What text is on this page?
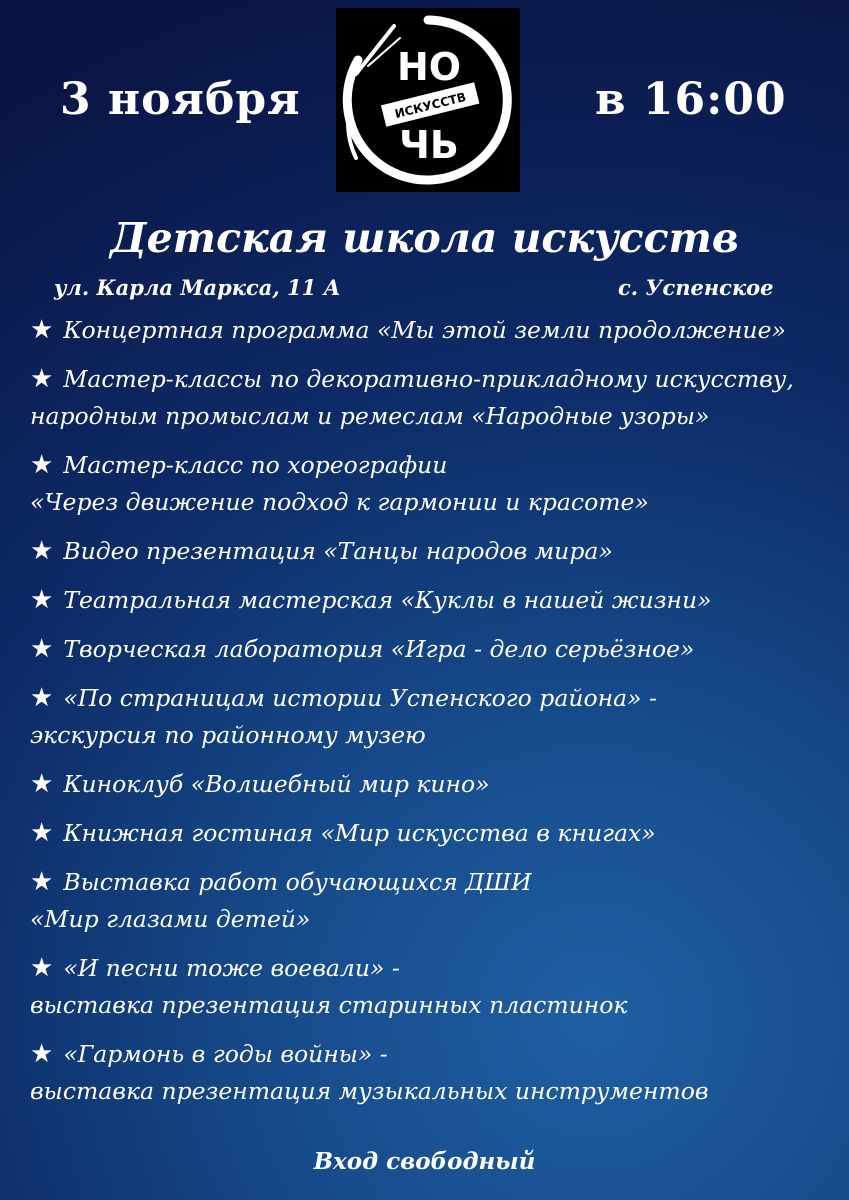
3 ноября
НО
ИСКУССТВ
ЧЬ
в 16:00
Детская школа искусств
ул. Карла Маркса, 11 А	с. Успенское
★ Концертная программа «Мы этой земли продолжение»
★ Мастер-классы по декоративно-прикладному искусству,
народным промыслам и ремеслам «Народные узоры»
★ Мастер-класс по хореографии
«Через движение подход к гармонии и красоте»
★ Видео презентация «Танцы народов мира»
★ Театральная мастерская «Куклы в нашей жизни»
★ Творческая лаборатория «Игра - дело серьёзное»
★ «По страницам истории Успенского района» -
экскурсия по районному музею
★ Киноклуб «Волшебный мир кино»
★ Книжная гостиная «Мир искусства в книгах»
★ Выставка работ обучающихся ДШИ
«Мир глазами детей»
★ «И песни тоже воевали» -
выставка презентация старинных пластинок
★ «Гармонь в годы войны» -
выставка презентация музыкальных инструментов
Вход свободный
